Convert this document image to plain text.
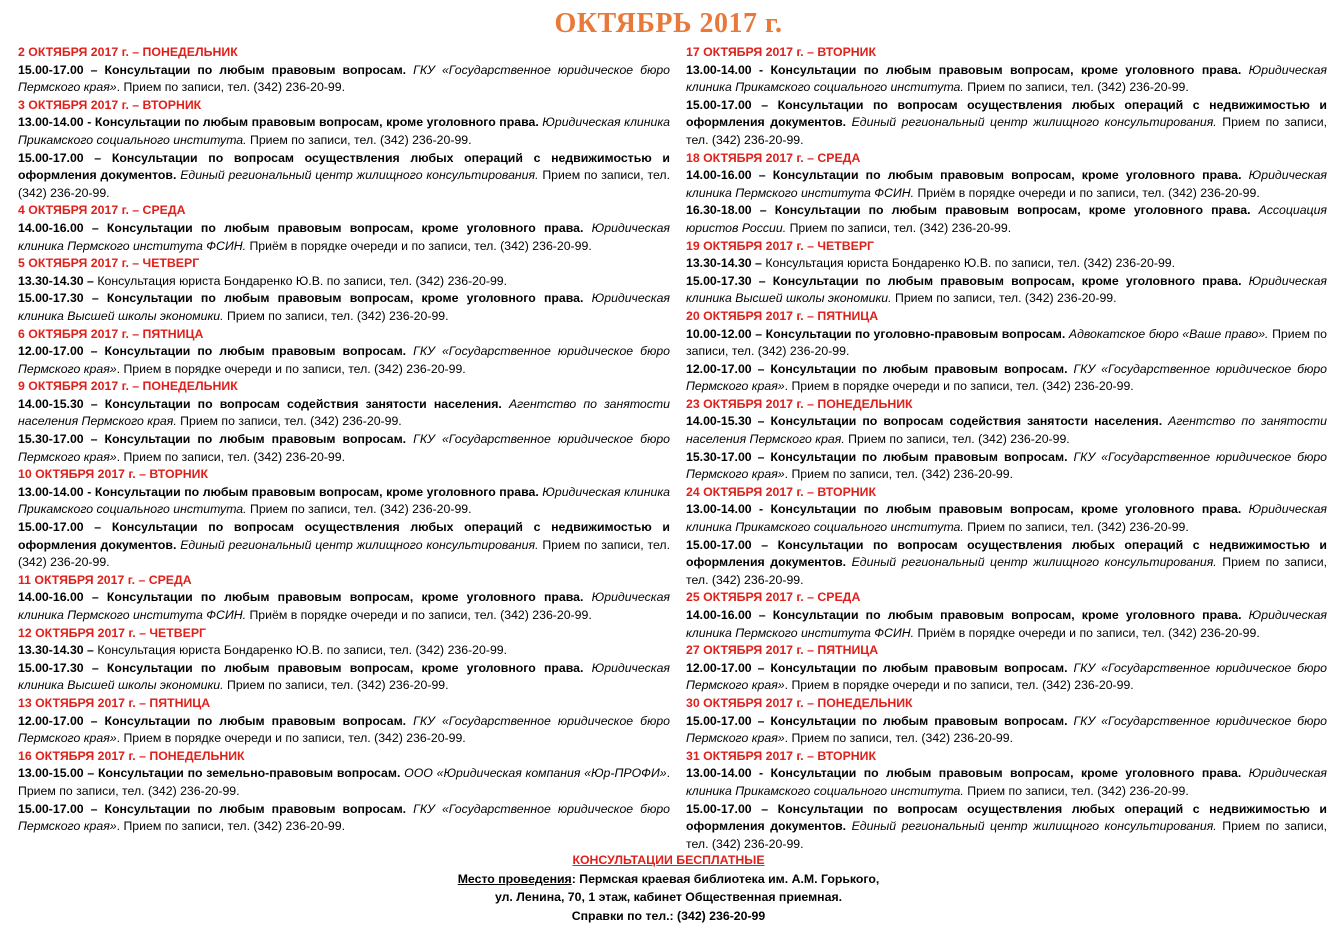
ОКТЯБРЬ 2017 г.
2 ОКТЯБРЯ 2017 г. – ПОНЕДЕЛЬНИК
15.00-17.00 – Консультации по любым правовым вопросам. ГКУ «Государственное юридическое бюро Пермского края». Прием по записи, тел. (342) 236-20-99.
3 ОКТЯБРЯ 2017 г. – ВТОРНИК
13.00-14.00 - Консультации по любым правовым вопросам, кроме уголовного права. Юридическая клиника Прикамского социального института. Прием по записи, тел. (342) 236-20-99.
15.00-17.00 – Консультации по вопросам осуществления любых операций с недвижимостью и оформления документов. Единый региональный центр жилищного консультирования. Прием по записи, тел. (342) 236-20-99.
4 ОКТЯБРЯ 2017 г. – СРЕДА
14.00-16.00 – Консультации по любым правовым вопросам, кроме уголовного права. Юридическая клиника Пермского института ФСИН. Приём в порядке очереди и по записи, тел. (342) 236-20-99.
5 ОКТЯБРЯ 2017 г. – ЧЕТВЕРГ
13.30-14.30 – Консультация юриста Бондаренко Ю.В. по записи, тел. (342) 236-20-99.
15.00-17.30 – Консультации по любым правовым вопросам, кроме уголовного права. Юридическая клиника Высшей школы экономики. Прием по записи, тел. (342) 236-20-99.
6 ОКТЯБРЯ 2017 г. – ПЯТНИЦА
12.00-17.00 – Консультации по любым правовым вопросам. ГКУ «Государственное юридическое бюро Пермского края». Прием в порядке очереди и по записи, тел. (342) 236-20-99.
9 ОКТЯБРЯ 2017 г. – ПОНЕДЕЛЬНИК
14.00-15.30 – Консультации по вопросам содействия занятости населения. Агентство по занятости населения Пермского края. Прием по записи, тел. (342) 236-20-99.
15.30-17.00 – Консультации по любым правовым вопросам. ГКУ «Государственное юридическое бюро Пермского края». Прием по записи, тел. (342) 236-20-99.
10 ОКТЯБРЯ 2017 г. – ВТОРНИК
13.00-14.00 - Консультации по любым правовым вопросам, кроме уголовного права. Юридическая клиника Прикамского социального института. Прием по записи, тел. (342) 236-20-99.
15.00-17.00 – Консультации по вопросам осуществления любых операций с недвижимостью и оформления документов. Единый региональный центр жилищного консультирования. Прием по записи, тел. (342) 236-20-99.
11 ОКТЯБРЯ 2017 г. – СРЕДА
14.00-16.00 – Консультации по любым правовым вопросам, кроме уголовного права. Юридическая клиника Пермского института ФСИН. Приём в порядке очереди и по записи, тел. (342) 236-20-99.
12 ОКТЯБРЯ 2017 г. – ЧЕТВЕРГ
13.30-14.30 – Консультация юриста Бондаренко Ю.В. по записи, тел. (342) 236-20-99.
15.00-17.30 – Консультации по любым правовым вопросам, кроме уголовного права. Юридическая клиника Высшей школы экономики. Прием по записи, тел. (342) 236-20-99.
13 ОКТЯБРЯ 2017 г. – ПЯТНИЦА
12.00-17.00 – Консультации по любым правовым вопросам. ГКУ «Государственное юридическое бюро Пермского края». Прием в порядке очереди и по записи, тел. (342) 236-20-99.
16 ОКТЯБРЯ 2017 г. – ПОНЕДЕЛЬНИК
13.00-15.00 – Консультации по земельно-правовым вопросам. ООО «Юридическая компания «Юр-ПРОФИ». Прием по записи, тел. (342) 236-20-99.
15.00-17.00 – Консультации по любым правовым вопросам. ГКУ «Государственное юридическое бюро Пермского края». Прием по записи, тел. (342) 236-20-99.
17 ОКТЯБРЯ 2017 г. – ВТОРНИК
13.00-14.00 - Консультации по любым правовым вопросам, кроме уголовного права. Юридическая клиника Прикамского социального института. Прием по записи, тел. (342) 236-20-99.
15.00-17.00 – Консультации по вопросам осуществления любых операций с недвижимостью и оформления документов. Единый региональный центр жилищного консультирования. Прием по записи, тел. (342) 236-20-99.
18 ОКТЯБРЯ 2017 г. – СРЕДА
14.00-16.00 – Консультации по любым правовым вопросам, кроме уголовного права. Юридическая клиника Пермского института ФСИН. Приём в порядке очереди и по записи, тел. (342) 236-20-99.
16.30-18.00 – Консультации по любым правовым вопросам, кроме уголовного права. Ассоциация юристов России. Прием по записи, тел. (342) 236-20-99.
19 ОКТЯБРЯ 2017 г. – ЧЕТВЕРГ
13.30-14.30 – Консультация юриста Бондаренко Ю.В. по записи, тел. (342) 236-20-99.
15.00-17.30 – Консультации по любым правовым вопросам, кроме уголовного права. Юридическая клиника Высшей школы экономики. Прием по записи, тел. (342) 236-20-99.
20 ОКТЯБРЯ 2017 г. – ПЯТНИЦА
10.00-12.00 – Консультации по уголовно-правовым вопросам. Адвокатское бюро «Ваше право». Прием по записи, тел. (342) 236-20-99.
12.00-17.00 – Консультации по любым правовым вопросам. ГКУ «Государственное юридическое бюро Пермского края». Прием в порядке очереди и по записи, тел. (342) 236-20-99.
23 ОКТЯБРЯ 2017 г. – ПОНЕДЕЛЬНИК
14.00-15.30 – Консультации по вопросам содействия занятости населения. Агентство по занятости населения Пермского края. Прием по записи, тел. (342) 236-20-99.
15.30-17.00 – Консультации по любым правовым вопросам. ГКУ «Государственное юридическое бюро Пермского края». Прием по записи, тел. (342) 236-20-99.
24 ОКТЯБРЯ 2017 г. – ВТОРНИК
13.00-14.00 - Консультации по любым правовым вопросам, кроме уголовного права. Юридическая клиника Прикамского социального института. Прием по записи, тел. (342) 236-20-99.
15.00-17.00 – Консультации по вопросам осуществления любых операций с недвижимостью и оформления документов. Единый региональный центр жилищного консультирования. Прием по записи, тел. (342) 236-20-99.
25 ОКТЯБРЯ 2017 г. – СРЕДА
14.00-16.00 – Консультации по любым правовым вопросам, кроме уголовного права. Юридическая клиника Пермского института ФСИН. Приём в порядке очереди и по записи, тел. (342) 236-20-99.
27 ОКТЯБРЯ 2017 г. – ПЯТНИЦА
12.00-17.00 – Консультации по любым правовым вопросам. ГКУ «Государственное юридическое бюро Пермского края». Прием в порядке очереди и по записи, тел. (342) 236-20-99.
30 ОКТЯБРЯ 2017 г. – ПОНЕДЕЛЬНИК
15.00-17.00 – Консультации по любым правовым вопросам. ГКУ «Государственное юридическое бюро Пермского края». Прием по записи, тел. (342) 236-20-99.
31 ОКТЯБРЯ 2017 г. – ВТОРНИК
13.00-14.00 - Консультации по любым правовым вопросам, кроме уголовного права. Юридическая клиника Прикамского социального института. Прием по записи, тел. (342) 236-20-99.
15.00-17.00 – Консультации по вопросам осуществления любых операций с недвижимостью и оформления документов. Единый региональный центр жилищного консультирования. Прием по записи, тел. (342) 236-20-99.
КОНСУЛЬТАЦИИ БЕСПЛАТНЫЕ
Место проведения: Пермская краевая библиотека им. А.М. Горького,
ул. Ленина, 70, 1 этаж, кабинет Общественная приемная.
Справки по тел.: (342) 236-20-99
